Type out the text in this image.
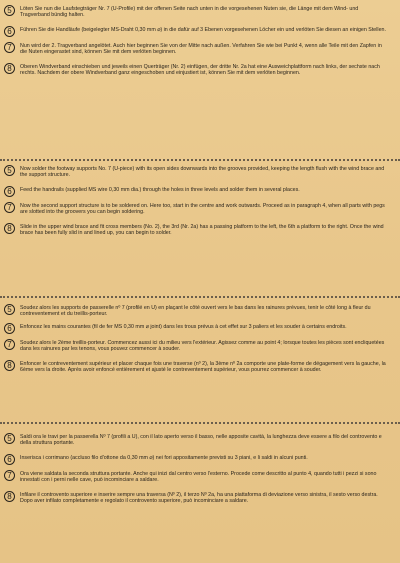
5	Löten Sie nun die Laufstegträger Nr. 7 (U-Profile) mit der offenen Seite nach unten in die vorgesehenen Nuten sie, die Länge mit dem Wind- und Tragverband bündig halten.
6	Führen Sie die Handläufe (beigelegter MS-Draht 0,30 mm ⌀) in die dafür auf 3 Ebenen vorgesehenen Löcher ein und verlöten Sie diesen an einigen Stellen.
7	Nun wird der 2. Tragverband angelötet. Auch hier beginnen Sie von der Mitte nach außen. Verfahren Sie wie bei Punkt 4, wenn alle Teile mit den Zapfen in die Nuten eingerastet sind, können Sie mit dem verlöten beginnen.
8	Oberen Windverband einschieben und jeweils einen Querträger (Nr. 2) einfügen, der dritte Nr. 2a hat eine Ausweichplattform nach links, der sechste nach rechts. Nachdem der obere Windverband ganz eingeschoben und einjustiert ist, können Sie mit dem verlöten beginnen.
5	Now solder the footway supports No. 7 (U-piece) with its open sides downwards into the grooves provided, keeping the length flush with the wind brace and the support structure.
6	Feed the handrails (supplied MS wire 0,30 mm dia.) through the holes in three levels and solder them in several places.
7	Now the second support structure is to be soldered on. Here too, start in the centre and work outwards. Proceed as in paragraph 4, when all parts with pegs are slotted into the groovers you can begin soldering.
8	Slide in the upper wind brace and fit cross members (No. 2), the 3rd (Nr. 2a) has a passing platform to the left, the 6th a platform to the right. Once the wind brace has been fully slid in and lined up, you can begin to solder.
5	Soudez alors les supports de passerelle nº 7 (profilé en U) en plaçant le côté ouvert vers le bas dans les rainures prévues, tenir le côté long à fleur du contreventement et du treillis-porteur.
6	Enfoncez les mains courantes (fil de fer MS 0,30 mm ⌀ joint) dans les trous prévus à cet effet sur 3 paliers et les souder à certains endroits.
7	Soudez alors le 2ème treillis-porteur. Commencez aussi ici du milieu vers l'extérieur. Agissez comme au point 4; lorsque toutes les pièces sont encliquetées dans les rainures par les tenons, vous pouvez commencer à souder.
8	Enfoncer le contreventement supérieur et placer chaque fois une traverse (nº 2), la 3ème nº 2a comporte une plate-forme de dégagement vers la gauche, la 6ème vers la droite. Après avoir enfoncé entièrement et ajusté le contreventement supérieur, vous pourrez commencer à souder.
5	Saldi ora le travi per la passerella Nº 7 (profili a U), con il lato aperto verso il basso, nelle apposite cavità, la lunghezza deve essere a filo del controvento e della struttura portante.
6	Inserisca i corrimano (accluso filo d'ottone da 0,30 mm ⌀) nei fori appositamente previsti su 3 piani, e li saldi in alcuni punti.
7	Ora viene saldata la seconda struttura portante. Anche qui inizi dal centro verso l'esterno. Procede come descritto al punto 4, quando tutti i pezzi si sono innestati con i perni nelle cave, può incominciare a saldare.
8	Infilare il controvento superiore e inserire sempre una traversa (Nº 2), il terzo Nº 2a, ha una piattaforma di deviazione verso sinistra, il sesto verso destra. Dopo aver infilato completamente e regolato il controvento superiore, può incominciare a saldare.
